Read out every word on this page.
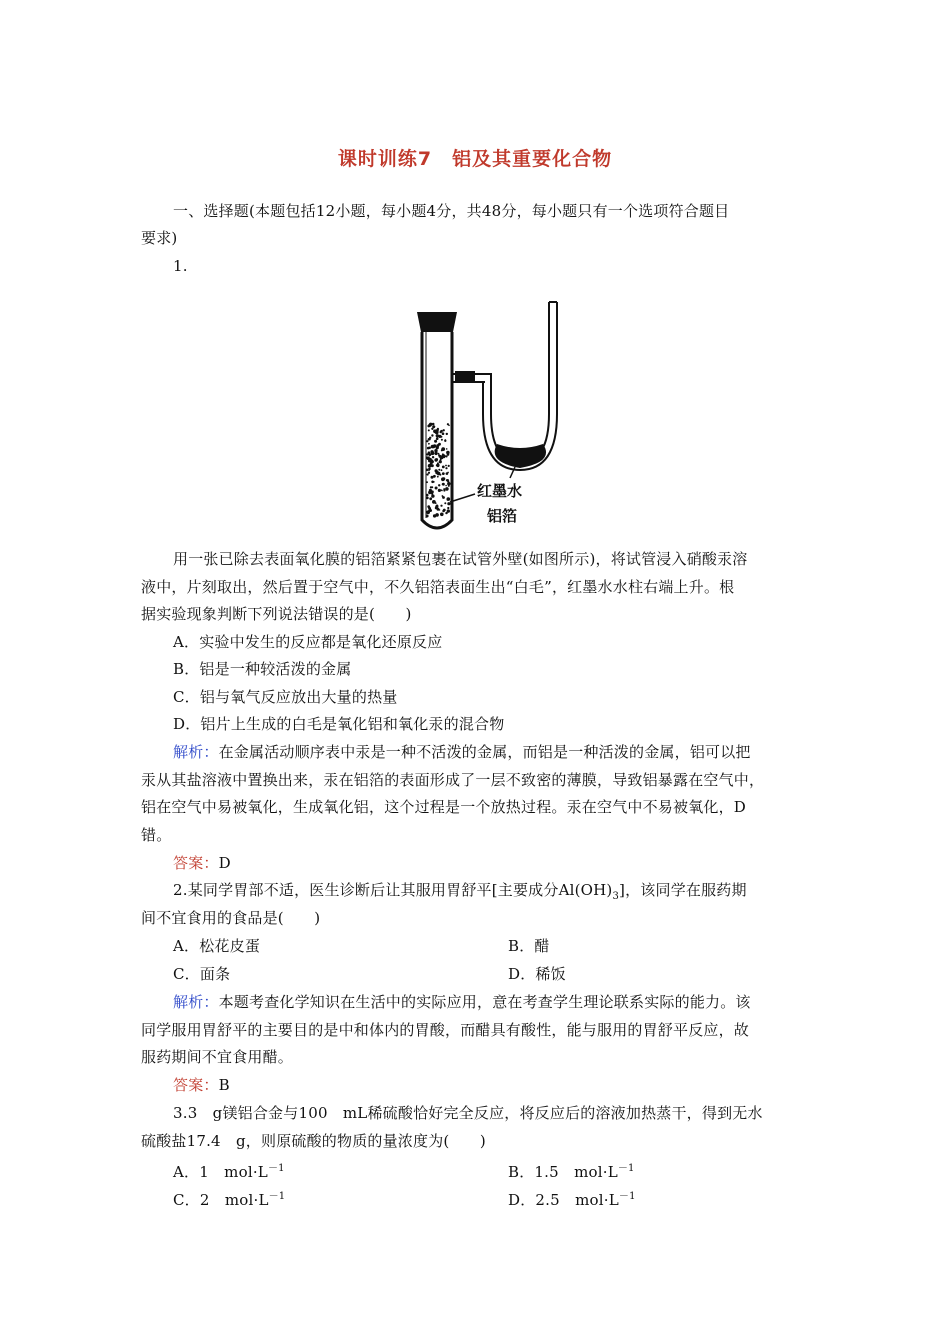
课时训练7　铝及其重要化合物
一、选择题(本题包括12小题，每小题4分，共48分，每小题只有一个选项符合题目
要求)
1.
红墨水
铝箔
用一张已除去表面氧化膜的铝箔紧紧包裹在试管外壁(如图所示)，将试管浸入硝酸汞溶
液中，片刻取出，然后置于空气中，不久铝箔表面生出“白毛”，红墨水水柱右端上升。根
据实验现象判断下列说法错误的是(　　)
A．实验中发生的反应都是氧化还原反应
B．铝是一种较活泼的金属
C．铝与氧气反应放出大量的热量
D．铝片上生成的白毛是氧化铝和氧化汞的混合物
解析：在金属活动顺序表中汞是一种不活泼的金属，而铝是一种活泼的金属，铝可以把
汞从其盐溶液中置换出来，汞在铝箔的表面形成了一层不致密的薄膜，导致铝暴露在空气中，
铝在空气中易被氧化，生成氧化铝，这个过程是一个放热过程。汞在空气中不易被氧化，D
错。
答案：D
2.某同学胃部不适，医生诊断后让其服用胃舒平[主要成分$Al(OH)_3$]，该同学在服药期
间不宜食用的食品是(　　)
A．松花皮蛋	B．醋
C．面条	D．稀饭
解析：本题考查化学知识在生活中的实际应用，意在考查学生理论联系实际的能力。该
同学服用胃舒平的主要目的是中和体内的胃酸，而醋具有酸性，能与服用的胃舒平反应，故
服药期间不宜食用醋。
答案：B
3.3　g镁铝合金与100　mL稀硫酸恰好完全反应，将反应后的溶液加热蒸干，得到无水
硫酸盐17.4　g，则原硫酸的物质的量浓度为(　　)
A．1　$mol\cdot L^{-1}$	B．1.5　$mol\cdot L^{-1}$
C．2　$mol\cdot L^{-1}$	D．2.5　$mol\cdot L^{-1}$
